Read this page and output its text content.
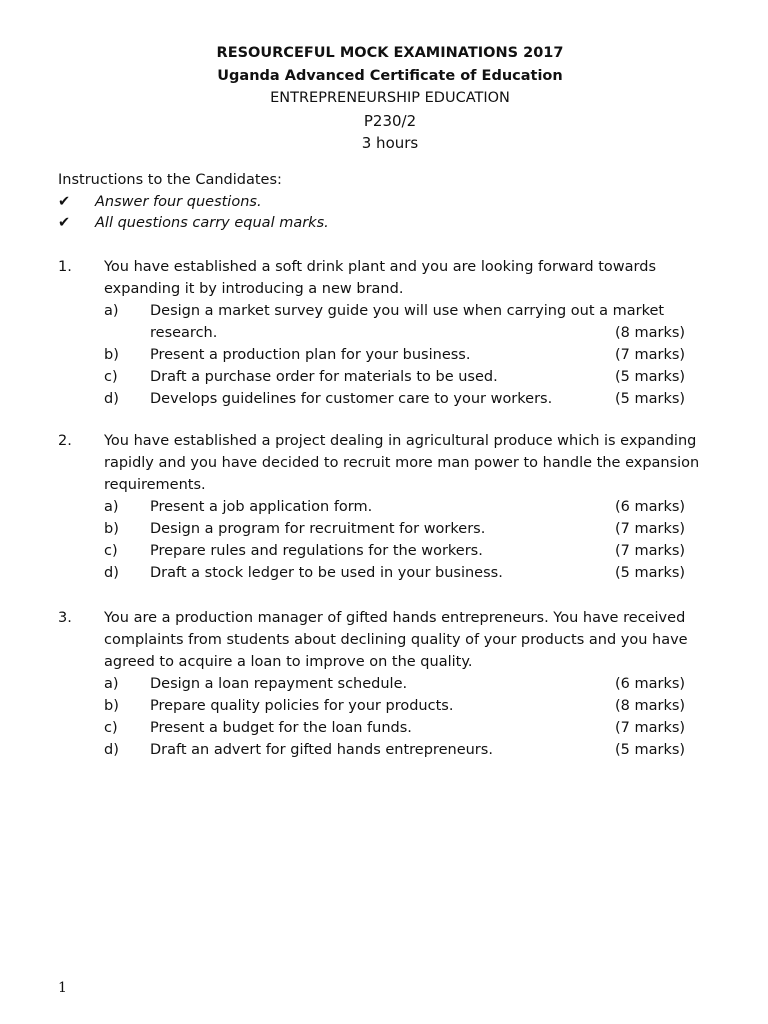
RESOURCEFUL MOCK EXAMINATIONS 2017
Uganda Advanced Certificate of Education
ENTREPRENEURSHIP EDUCATION
P230/2
3 hours
Instructions to the Candidates:
✔ Answer four questions.
✔ All questions carry equal marks.
1. You have established a soft drink plant and you are looking forward towards
expanding it by introducing a new brand.
a) Design a market survey guide you will use when carrying out a market
research.	(8 marks)
b) Present a production plan for your business.	(7 marks)
c) Draft a purchase order for materials to be used.	(5 marks)
d) Develops guidelines for customer care to your workers.	(5 marks)
2. You have established a project dealing in agricultural produce which is expanding
rapidly and you have decided to recruit more man power to handle the expansion
requirements.
a) Present a job application form.	(6 marks)
b) Design a program for recruitment for workers.	(7 marks)
c) Prepare rules and regulations for the workers.	(7 marks)
d) Draft a stock ledger to be used in your business.	(5 marks)
3. You are a production manager of gifted hands entrepreneurs. You have received
complaints from students about declining quality of your products and you have
agreed to acquire a loan to improve on the quality.
a) Design a loan repayment schedule.	(6 marks)
b) Prepare quality policies for your products.	(8 marks)
c) Present a budget for the loan funds.	(7 marks)
d) Draft an advert for gifted hands entrepreneurs.	(5 marks)
1
